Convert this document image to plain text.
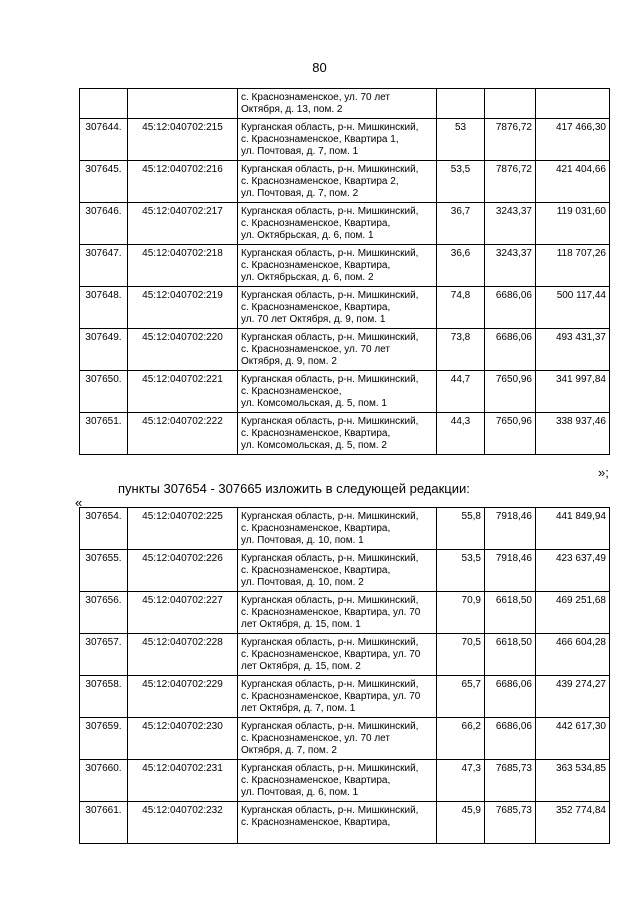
80

		с. Краснознаменское, ул. 70 лет
Октября, д. 13, пом. 2			

307644.	45:12:040702:215	Курганская область, р-н. Мишкинский,
с. Краснознаменское, Квартира 1,
ул. Почтовая, д. 7, пом. 1	53	7876,72	417 466,30
307645.	45:12:040702:216	Курганская область, р-н. Мишкинский,
с. Краснознаменское, Квартира 2,
ул. Почтовая, д. 7, пом. 2	53,5	7876,72	421 404,66
307646.	45:12:040702:217	Курганская область, р-н. Мишкинский,
с. Краснознаменское, Квартира,
ул. Октябрьская, д. 6, пом. 1	36,7	3243,37	119 031,60
307647.	45:12:040702:218	Курганская область, р-н. Мишкинский,
с. Краснознаменское, Квартира,
ул. Октябрьская, д. 6, пом. 2	36,6	3243,37	118 707,26
307648.	45:12:040702:219	Курганская область, р-н. Мишкинский,
с. Краснознаменское, Квартира,
ул. 70 лет Октября, д. 9, пом. 1	74,8	6686,06	500 117,44
307649.	45:12:040702:220	Курганская область, р-н. Мишкинский,
с. Краснознаменское, ул. 70 лет
Октября, д. 9, пом. 2	73,8	6686,06	493 431,37
307650.	45:12:040702:221	Курганская область, р-н. Мишкинский,
с. Краснознаменское,
ул. Комсомольская, д. 5, пом. 1	44,7	7650,96	341 997,84
307651.	45:12:040702:222	Курганская область, р-н. Мишкинский,
с. Краснознаменское, Квартира,
ул. Комсомольская, д. 5, пом. 2	44,3	7650,96	338 937,46
»;
пункты 307654 - 307665 изложить в следующей редакции:
«
307654.	45:12:040702:225	Курганская область, р-н. Мишкинский,
с. Краснознаменское, Квартира,
ул. Почтовая, д. 10, пом. 1	55,8	7918,46	441 849,94
307655.	45:12:040702:226	Курганская область, р-н. Мишкинский,
с. Краснознаменское, Квартира,
ул. Почтовая, д. 10, пом. 2	53,5	7918,46	423 637,49
307656.	45:12:040702:227	Курганская область, р-н. Мишкинский,
с. Краснознаменское, Квартира, ул. 70
лет Октября, д. 15, пом. 1	70,9	6618,50	469 251,68
307657.	45:12:040702:228	Курганская область, р-н. Мишкинский,
с. Краснознаменское, Квартира, ул. 70
лет Октября, д. 15, пом. 2	70,5	6618,50	466 604,28
307658.	45:12:040702:229	Курганская область, р-н. Мишкинский,
с. Краснознаменское, Квартира, ул. 70
лет Октября, д. 7, пом. 1	65,7	6686,06	439 274,27
307659.	45:12:040702:230	Курганская область, р-н. Мишкинский,
с. Краснознаменское, ул. 70 лет
Октября, д. 7, пом. 2	66,2	6686,06	442 617,30
307660.	45:12:040702:231	Курганская область, р-н. Мишкинский,
с. Краснознаменское, Квартира,
ул. Почтовая, д. 6, пом. 1	47,3	7685,73	363 534,85
307661.	45:12:040702:232	Курганская область, р-н. Мишкинский,
с. Краснознаменское, Квартира,	45,9	7685,73	352 774,84
